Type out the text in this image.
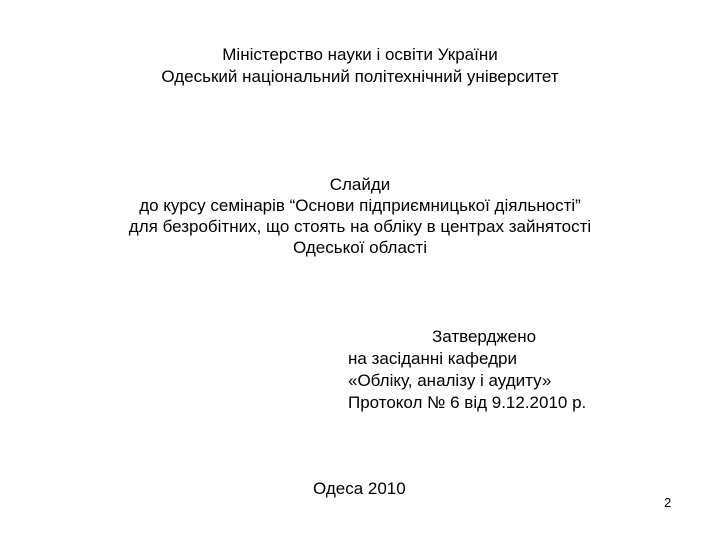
Міністерство науки і освіти України
Одеський національний політехнічний університет
Слайди
до курсу семінарів “Основи підприємницької діяльності”
для безробітних, що стоять на обліку в центрах зайнятості
Одеської області
Затверджено
на засіданні кафедри
«Обліку, аналізу і аудиту»
Протокол № 6 від 9.12.2010 р.
Одеса 2010
2
